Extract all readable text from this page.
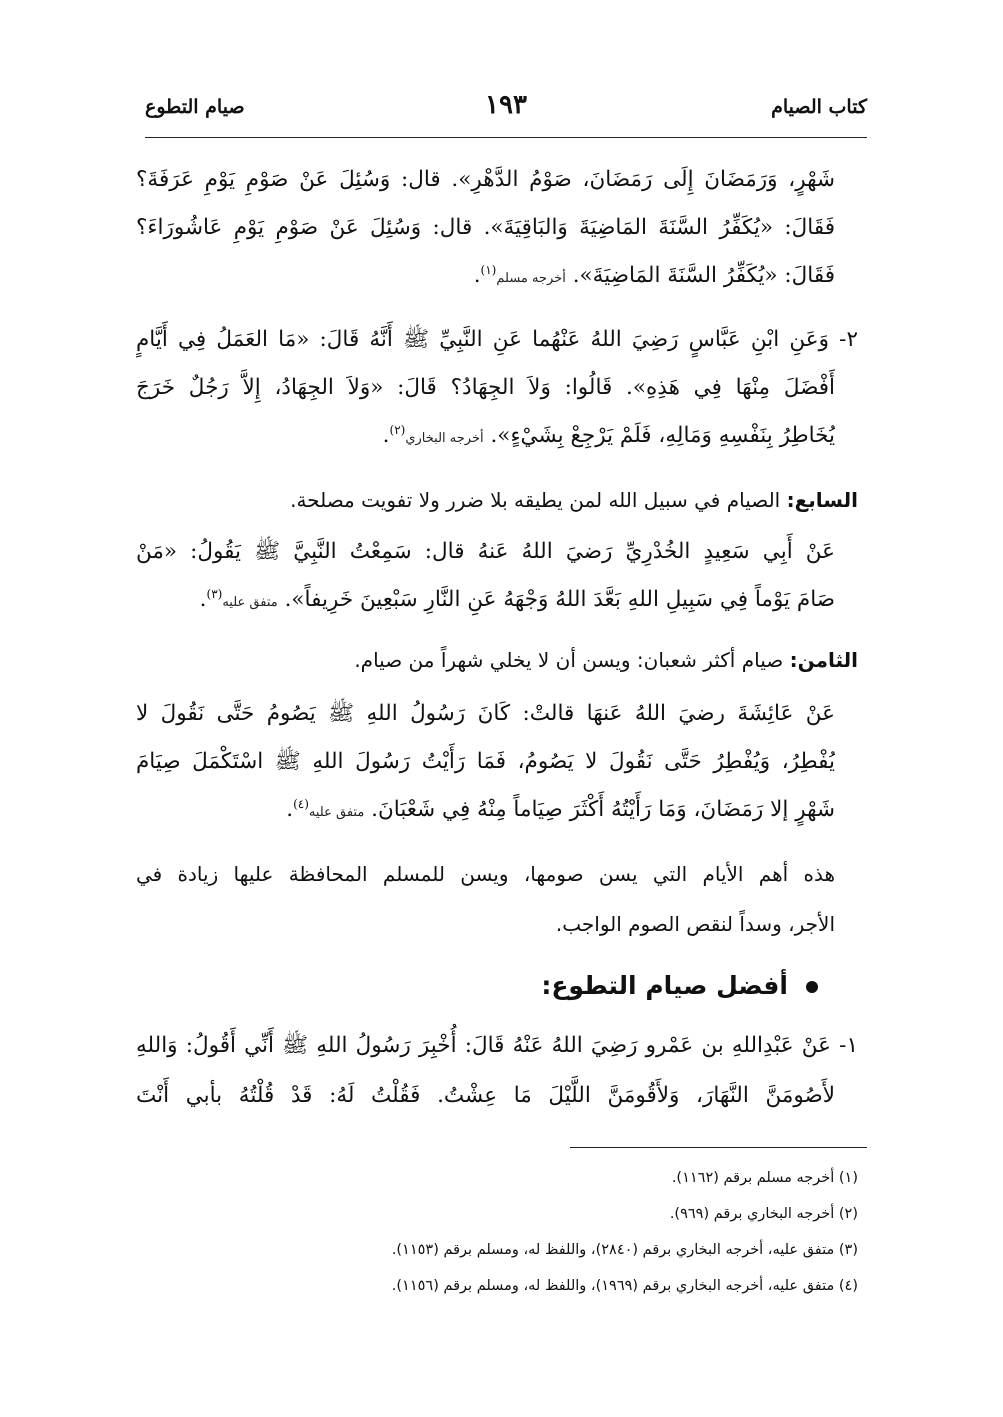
كتاب الصيام
١٩٣
صيام التطوع
شَهْرٍ، وَرَمَضَانَ إِلَى رَمَضَانَ، صَوْمُ الدَّهْرِ». قال: وَسُئِلَ عَنْ صَوْمِ يَوْمِ عَرَفَةَ؟
فَقَالَ: «يُكَفِّرُ السَّنَةَ المَاضِيَةَ وَالبَاقِيَةَ». قال: وَسُئِلَ عَنْ صَوْمِ يَوْمِ عَاشُورَاءَ؟
فَقَالَ: «يُكَفِّرُ السَّنَةَ المَاضِيَةَ». أخرجه مسلم$^{(١)}$.
٢- وَعَنِ ابْنِ عَبَّاسٍ رَضِيَ اللهُ عَنْهُما عَنِ النَّبِيِّ ﷺ أَنَّهُ قَالَ: «مَا العَمَلُ فِي أَيَّامٍ
أَفْضَلَ مِنْهَا فِي هَذِهِ». قَالُوا: وَلاَ الجِهَادُ؟ قَالَ: «وَلاَ الجِهَادُ، إِلاَّ رَجُلٌ خَرَجَ
يُخَاطِرُ بِنَفْسِهِ وَمَالِهِ، فَلَمْ يَرْجِعْ بِشَيْءٍ». أخرجه البخاري$^{(٢)}$.
السابع: الصيام في سبيل الله لمن يطيقه بلا ضرر ولا تفويت مصلحة.
عَنْ أَبِي سَعِيدٍ الخُدْرِيِّ رَضيَ اللهُ عَنهُ قال: سَمِعْتُ النَّبِيَّ ﷺ يَقُولُ: «مَنْ
صَامَ يَوْماً فِي سَبِيلِ اللهِ بَعَّدَ اللهُ وَجْهَهُ عَنِ النَّارِ سَبْعِينَ خَرِيفاً». متفق عليه$^{(٣)}$.
الثامن: صيام أكثر شعبان: ويسن أن لا يخلي شهراً من صيام.
عَنْ عَائِشَةَ رضيَ اللهُ عَنهَا قالتْ: كَانَ رَسُولُ اللهِ ﷺ يَصُومُ حَتَّى نَقُولَ لا
يُفْطِرُ، وَيُفْطِرُ حَتَّى نَقُولَ لا يَصُومُ، فَمَا رَأَيْتُ رَسُولَ اللهِ ﷺ اسْتَكْمَلَ صِيَامَ
شَهْرٍ إلا رَمَضَانَ، وَمَا رَأَيْتُهُ أَكْثَرَ صِيَاماً مِنْهُ فِي شَعْبَانَ. متفق عليه$^{(٤)}$.
هذه أهم الأيام التي يسن صومها، ويسن للمسلم المحافظة عليها زيادة في
الأجر، وسداً لنقص الصوم الواجب.
أفضل صيام التطوع:
١- عَنْ عَبْدِاللهِ بن عَمْرو رَضِيَ اللهُ عَنْهُ قَالَ: أُخْبِرَ رَسُولُ اللهِ ﷺ أَنِّي أَقُولُ: وَاللهِ
لأَصُومَنَّ النَّهَارَ، وَلأَقُومَنَّ اللَّيْلَ مَا عِشْتُ. فَقُلْتُ لَهُ: قَدْ قُلْتُهُ بأبي أَنْتَ
(١) أخرجه مسلم برقم (١١٦٢).
(٢) أخرجه البخاري برقم (٩٦٩).
(٣) متفق عليه، أخرجه البخاري برقم (٢٨٤٠)، واللفظ له، ومسلم برقم (١١٥٣).
(٤) متفق عليه، أخرجه البخاري برقم (١٩٦٩)، واللفظ له، ومسلم برقم (١١٥٦).
